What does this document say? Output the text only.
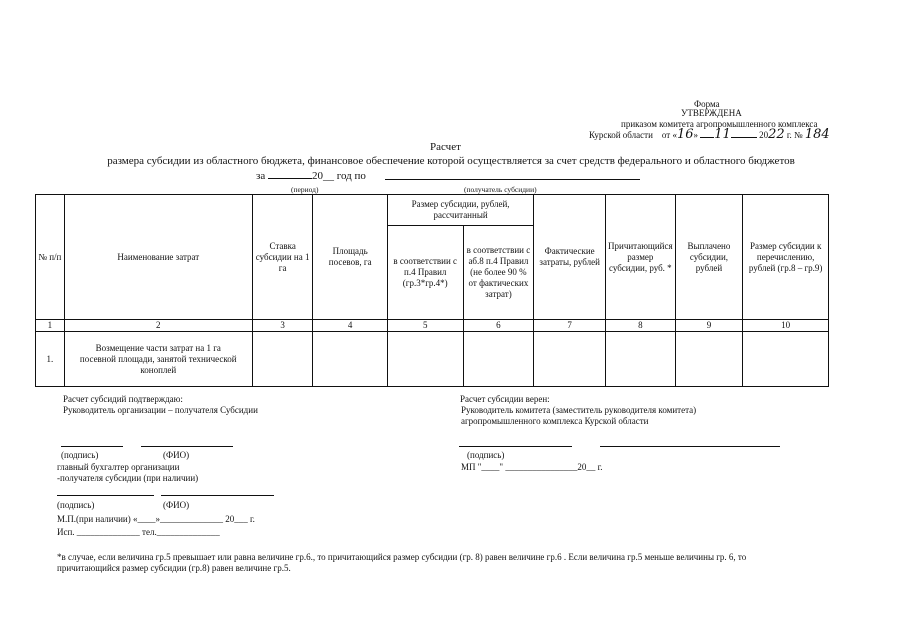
Форма
УТВЕРЖДЕНА
приказом комитета агропромышленного комплекса
Курской области от «16» 11	2022 г. № 184
Расчет
размера субсидии из областного бюджета, финансовое обеспечение которой осуществляется за счет средств федерального и областного бюджетов
за	20__ год по
(период)	(получатель субсидии)
№ п/п	Наименование затрат	Ставка субсидии на 1 га	Площадь посевов, га	Размер субсидии, рублей, рассчитанный		Фактические затраты, рублей	Причитающийся размер субсидии, руб. *	Выплачено субсидии, рублей	Размер субсидии к перечислению, рублей (гр.8 – гр.9)
				в соответствии с п.4 Правил (гр.3*гр.4*)	в соответствии с аб.8 п.4 Правил (не более 90 % от фактических затрат)				
1	2	3	4	5	6	7	8	9	10
1.	Возмещение части затрат на 1 га посевной площади, занятой технической коноплей								
Расчет субсидий подтверждаю:
Руководитель организации – получателя Субсидии
(подпись)	(ФИО)
главный бухгалтер организации
-получателя субсидии (при наличии)
(подпись)	(ФИО)
М.П.(при наличии) «____»______________ 20___ г.
Исп. ______________ тел.______________
Расчет субсидии верен:
Руководитель комитета (заместитель руководителя комитета)
агропромышленного комплекса Курской области
(подпись)
МП "____" ________________20__ г.
*в случае, если величина гр.5 превышает или равна величине гр.6., то причитающийся размер субсидии (гр. 8) равен величине гр.6 . Если величина гр.5 меньше величины гр. 6, то
причитающийся размер субсидии (гр.8) равен величине гр.5.
